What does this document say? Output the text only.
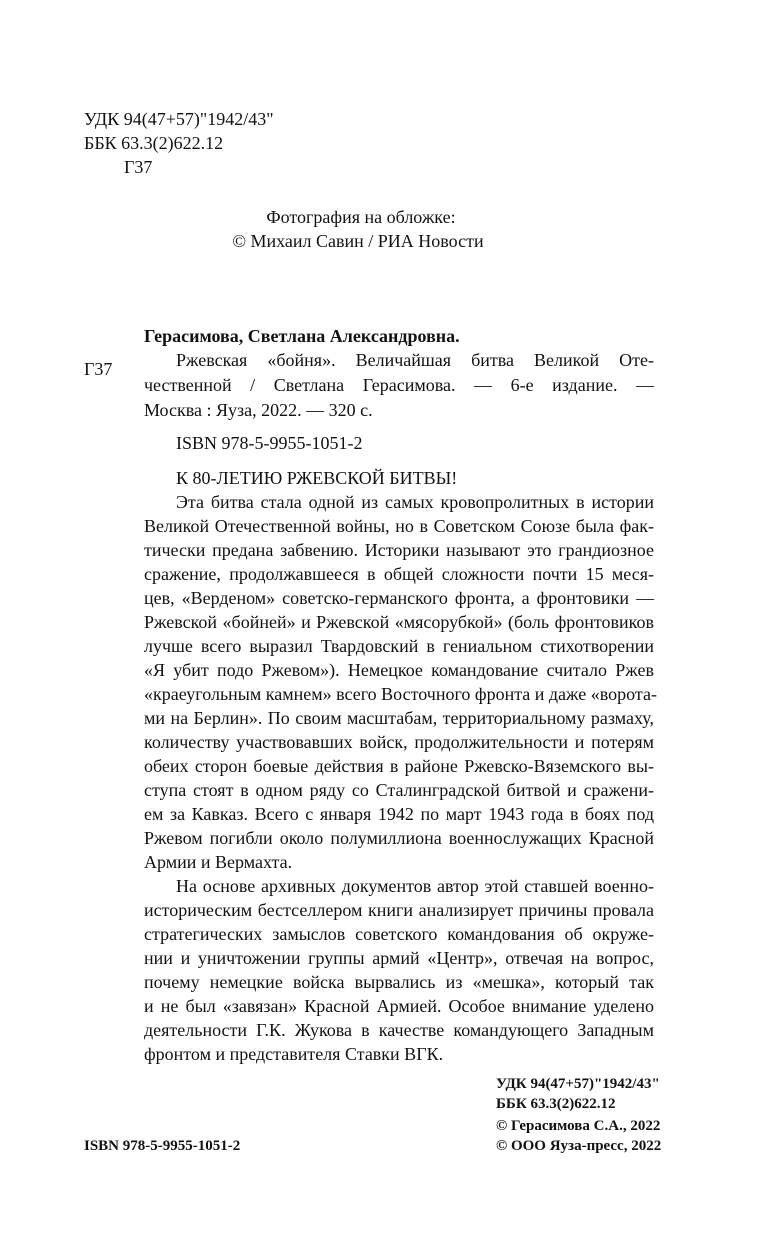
УДК 94(47+57)"1942/43"
ББК 63.3(2)622.12
Г37
Фотография на обложке:
© Михаил Савин / РИА Новости
Герасимова, Светлана Александровна.
Г37	Ржевская «бойня». Величайшая битва Великой Оте-
чественной / Светлана Герасимова. — 6-е издание. —
Москва : Яуза, 2022. — 320 с.
ISBN 978-5-9955-1051-2
К 80-ЛЕТИЮ РЖЕВСКОЙ БИТВЫ!
Эта битва стала одной из самых кровопролитных в истории
Великой Отечественной войны, но в Советском Союзе была фак-
тически предана забвению. Историки называют это грандиозное
сражение, продолжавшееся в общей сложности почти 15 меся-
цев, «Верденом» советско-германского фронта, а фронтовики —
Ржевской «бойней» и Ржевской «мясорубкой» (боль фронтовиков
лучше всего выразил Твардовский в гениальном стихотворении
«Я убит подо Ржевом»). Немецкое командование считало Ржев
«краеугольным камнем» всего Восточного фронта и даже «ворота-
ми на Берлин». По своим масштабам, территориальному размаху,
количеству участвовавших войск, продолжительности и потерям
обеих сторон боевые действия в районе Ржевско-Вяземского вы-
ступа стоят в одном ряду со Сталинградской битвой и сражени-
ем за Кавказ. Всего с января 1942 по март 1943 года в боях под
Ржевом погибли около полумиллиона военнослужащих Красной
Армии и Вермахта.
На основе архивных документов автор этой ставшей военно-
историческим бестселлером книги анализирует причины провала
стратегических замыслов советского командования об окруже-
нии и уничтожении группы армий «Центр», отвечая на вопрос,
почему немецкие войска вырвались из «мешка», который так
и не был «завязан» Красной Армией. Особое внимание уделено
деятельности Г.К. Жукова в качестве командующего Западным
фронтом и представителя Ставки ВГК.
УДК 94(47+57)"1942/43"
ББК 63.3(2)622.12
ISBN 978-5-9955-1051-2
© Герасимова С.А., 2022
© ООО Яуза-пресс, 2022
